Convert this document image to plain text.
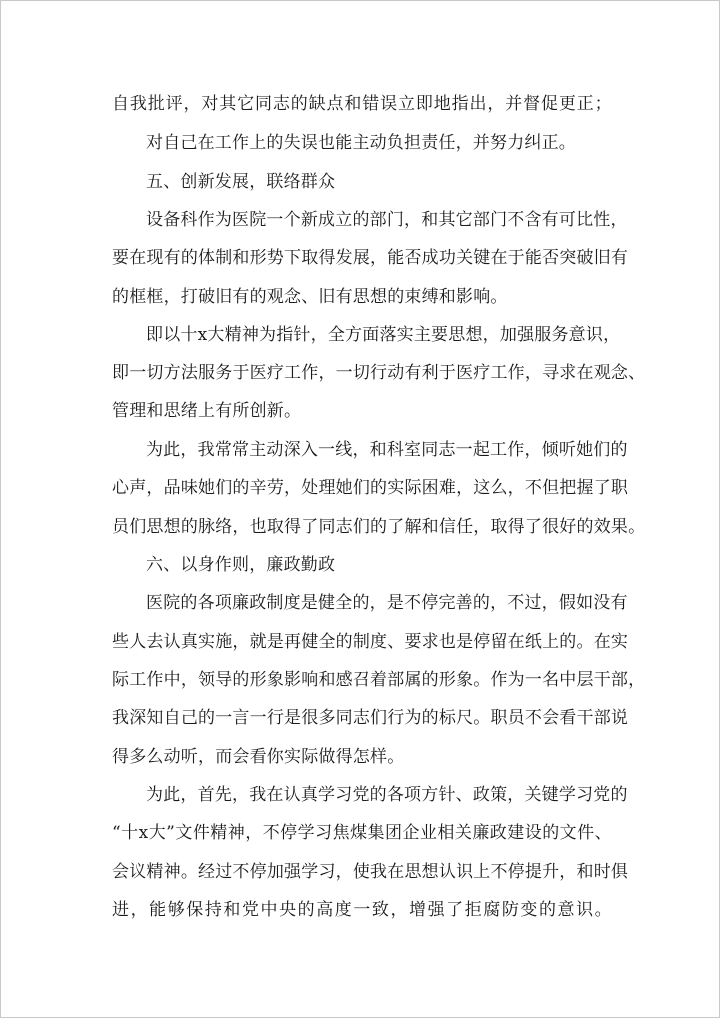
自 我 批 评 ， 对 其 它 同 志 的 缺 点 和 错 误 立 即 地 指 出 ， 并 督 促 更 正 ；
对自己在工作上的失误也能主动负担责任，并努力纠正。
五、创新发展，联络群众
设 备 科 作 为 医 院 一 个 新 成 立 的 部 门 ， 和 其 它 部 门 不 含 有 可 比 性 ，
要 在 现 有 的 体 制 和 形 势 下 取 得 发 展 ， 能 否 成 功 关 键 在 于 能 否 突 破 旧 有
的框框，打破旧有的观念、旧有思想的束缚和影响。
即 以 十 x 大 精 神 为 指 针 ， 全 方 面 落 实 主 要 思 想 ， 加 强 服 务 意 识 ，
即 一 切 方 法 服 务 于 医 疗 工 作 ， 一 切 行 动 有 利 于 医 疗 工 作 ， 寻 求 在 观 念 、
管理和思绪上有所创新。
为 此 ， 我 常 常 主 动 深 入 一 线 ， 和 科 室 同 志 一 起 工 作 ， 倾 听 她 们 的
心 声 ， 品 味 她 们 的 辛 劳 ， 处 理 她 们 的 实 际 困 难 ， 这 么 ， 不 但 把 握 了 职
员 们 思 想 的 脉 络 ， 也 取 得 了 同 志 们 的 了 解 和 信 任 ， 取 得 了 很 好 的 效 果 。
六、以身作则，廉政勤政
医 院 的 各 项 廉 政 制 度 是 健 全 的 ， 是 不 停 完 善 的 ， 不 过 ， 假 如 没 有
些 人 去 认 真 实 施 ， 就 是 再 健 全 的 制 度 、 要 求 也 是 停 留 在 纸 上 的 。 在 实
际 工 作 中 ， 领 导 的 形 象 影 响 和 感 召 着 部 属 的 形 象 。 作 为 一 名 中 层 干 部 ，
我 深 知 自 己 的 一 言 一 行 是 很 多 同 志 们 行 为 的 标 尺 。 职 员 不 会 看 干 部 说
得多么动听，而会看你实际做得怎样。
为 此 ， 首 先 ， 我 在 认 真 学 习 党 的 各 项 方 针 、 政 策 ， 关 键 学 习 党 的
“ 十 x 大 ” 文 件 精 神 ， 不 停 学 习 焦 煤 集 团 企 业 相 关 廉 政 建 设 的 文 件 、
会 议 精 神 。 经 过 不 停 加 强 学 习 ， 使 我 在 思 想 认 识 上 不 停 提 升 ， 和 时 俱
进 ， 能 够 保 持 和 党 中 央 的 高 度 一 致 ， 增 强 了 拒 腐 防 变 的 意 识 。
